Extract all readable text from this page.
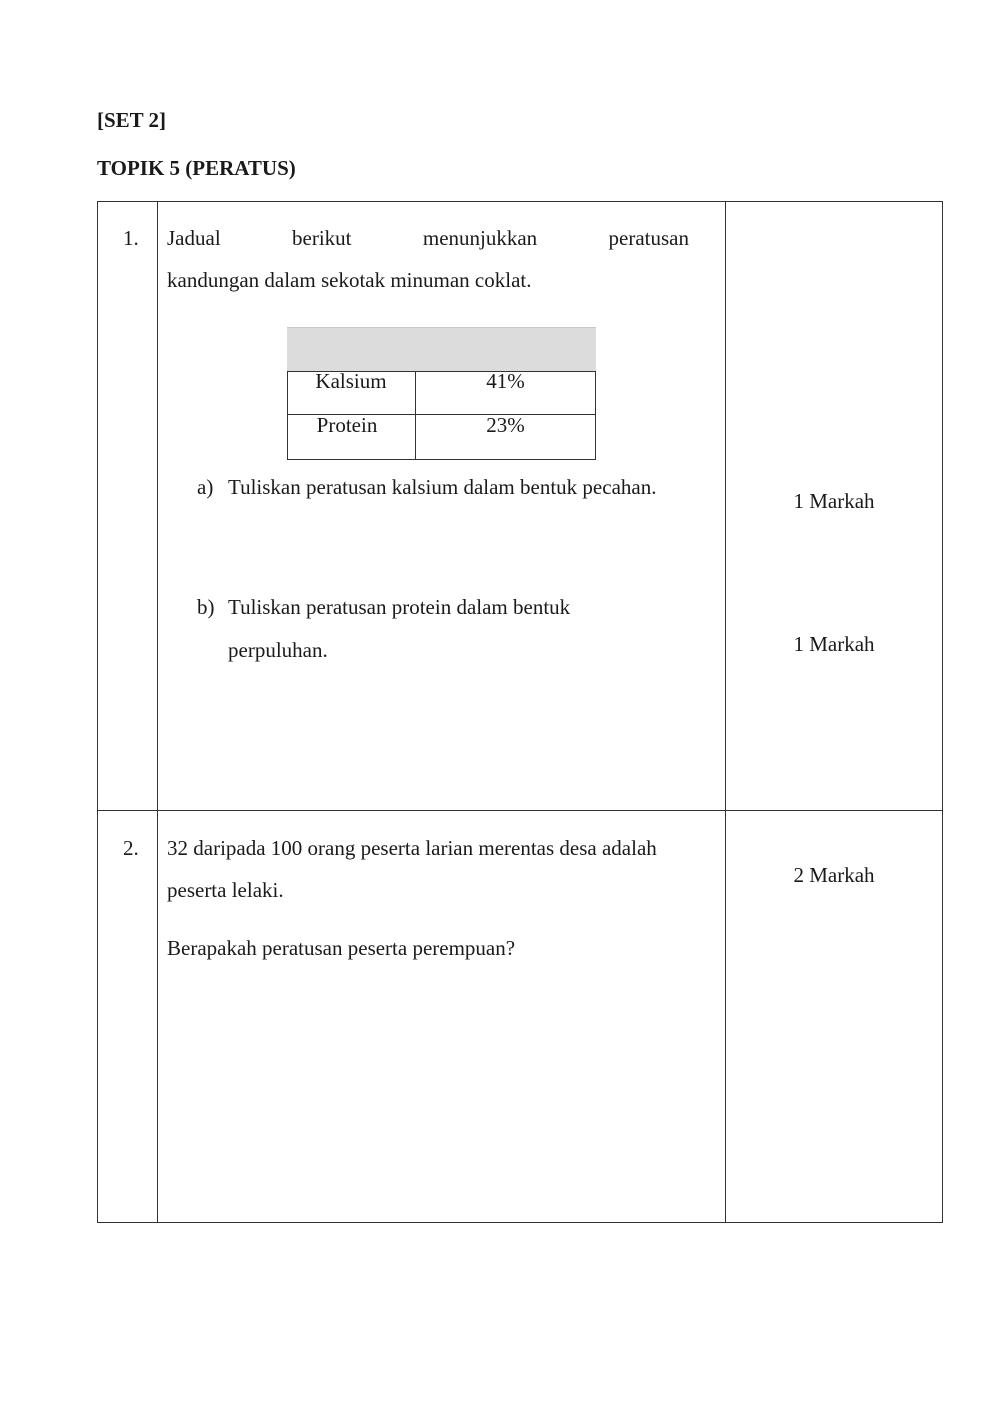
[SET 2]
TOPIK 5 (PERATUS)
1. Jadual	berikut	menunjukkan	peratusan
kandungan dalam sekotak minuman coklat.
Kalsium	41%
Protein	23%
a) Tuliskan peratusan kalsium dalam bentuk pecahan.
1 Markah
b) Tuliskan peratusan protein dalam bentuk
perpuluhan.	1 Markah
2. 32 daripada 100 orang peserta larian merentas desa adalah
peserta lelaki.
Berapakah peratusan peserta perempuan?
2 Markah
